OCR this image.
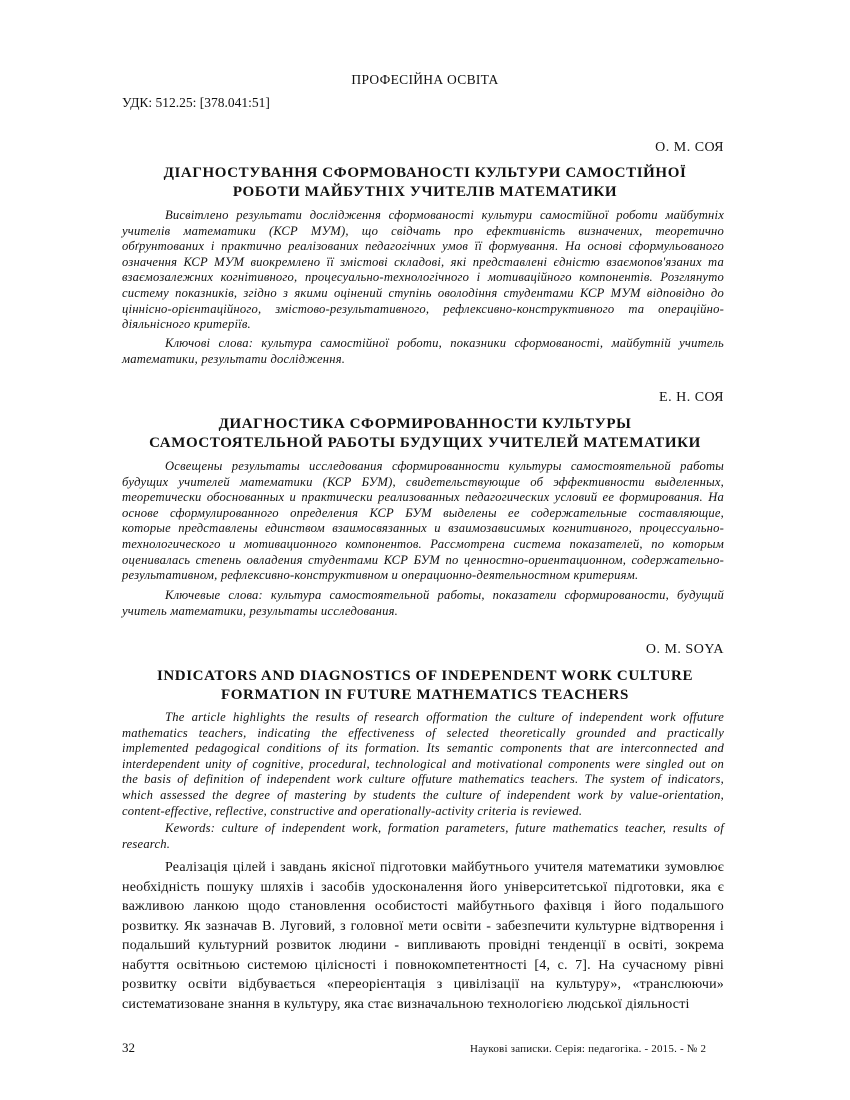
ПРОФЕСІЙНА ОСВІТА
УДК: 512.25: [378.041:51]
О. М. СОЯ
ДІАГНОСТУВАННЯ СФОРМОВАНОСТІ КУЛЬТУРИ САМОСТІЙНОЇ
РОБОТИ МАЙБУТНІХ УЧИТЕЛІВ МАТЕМАТИКИ
Висвітлено результати дослідження сформованості культури самостійної роботи майбутніх
учителів математики (КСР МУМ), що свідчать про ефективність визначених, теоретично
обґрунтованих і практично реалізованих педагогічних умов її формування. На основі сформульованого
означення КСР МУМ виокремлено її змістові складові, які представлені єдністю взаємопов'язаних та
взаємозалежних когнітивного, процесуально-технологічного і мотиваційного компонентів. Розглянуто
систему показників, згідно з якими оцінений ступінь оволодіння студентами КСР МУМ відповідно до
ціннісно-орієнтаційного, змістово-результативного, рефлексивно-конструктивного та операційно-
діяльнісного критеріїв.
Ключові слова: культура самостійної роботи, показники сформованості, майбутній учитель
математики, результати дослідження.
Е. Н. СОЯ
ДИАГНОСТИКА СФОРМИРОВАННОСТИ КУЛЬТУРЫ
САМОСТОЯТЕЛЬНОЙ РАБОТЫ БУДУЩИХ УЧИТЕЛЕЙ МАТЕМАТИКИ
Освещены результаты исследования сформированности культуры самостоятельной работы
будущих учителей математики (КСР БУМ), свидетельствующие об эффективности выделенных,
теоретически обоснованных и практически реализованных педагогических условий ее формирования. На
основе сформулированного определения КСР БУМ выделены ее содержательные составляющие,
которые представлены единством взаимосвязанных и взаимозависимых когнитивного, процессуально-
технологического и мотивационного компонентов. Рассмотрена система показателей, по которым
оценивалась степень овладения студентами КСР БУМ по ценностно-ориентационном, содержательно-
результативном, рефлексивно-конструктивном и операционно-деятельностном критериям.
Ключевые слова: культура самостоятельной работы, показатели сформированости, будущий
учитель математики, результаты исследования.
O. M. SOYA
INDICATORS AND DIAGNOSTICS OF INDEPENDENT WORK CULTURE
FORMATION IN FUTURE MATHEMATICS TEACHERS
The article highlights the results of research offormation the culture of independent work offuture
mathematics teachers, indicating the effectiveness of selected theoretically grounded and practically
implemented pedagogical conditions of its formation. Its semantic components that are interconnected and
interdependent unity of cognitive, procedural, technological and motivational components were singled out on
the basis of definition of independent work culture offuture mathematics teachers. The system of indicators,
which assessed the degree of mastering by students the culture of independent work by value-orientation,
content-effective, reflective, constructive and operationally-activity criteria is reviewed.
Kewords: culture of independent work, formation parameters, future mathematics teacher, results of
research.
Реалізація цілей і завдань якісної підготовки майбутнього учителя математики зумовлює
необхідність пошуку шляхів і засобів удосконалення його університетської підготовки, яка є
важливою ланкою щодо становлення особистості майбутнього фахівця і його подальшого
розвитку. Як зазначав В. Луговий, з головної мети освіти - забезпечити культурне відтворення і
подальший культурний розвиток людини - випливають провідні тенденції в освіті, зокрема
набуття освітньою системою цілісності і повнокомпетентності [4, с. 7]. На сучасному рівні
розвитку освіти відбувається «переорієнтація з цивілізації на культуру», «транслюючи»
систематизоване знання в культуру, яка стає визначальною технологією людської діяльності
32	Наукові записки. Серія: педагогіка. - 2015. - № 2
